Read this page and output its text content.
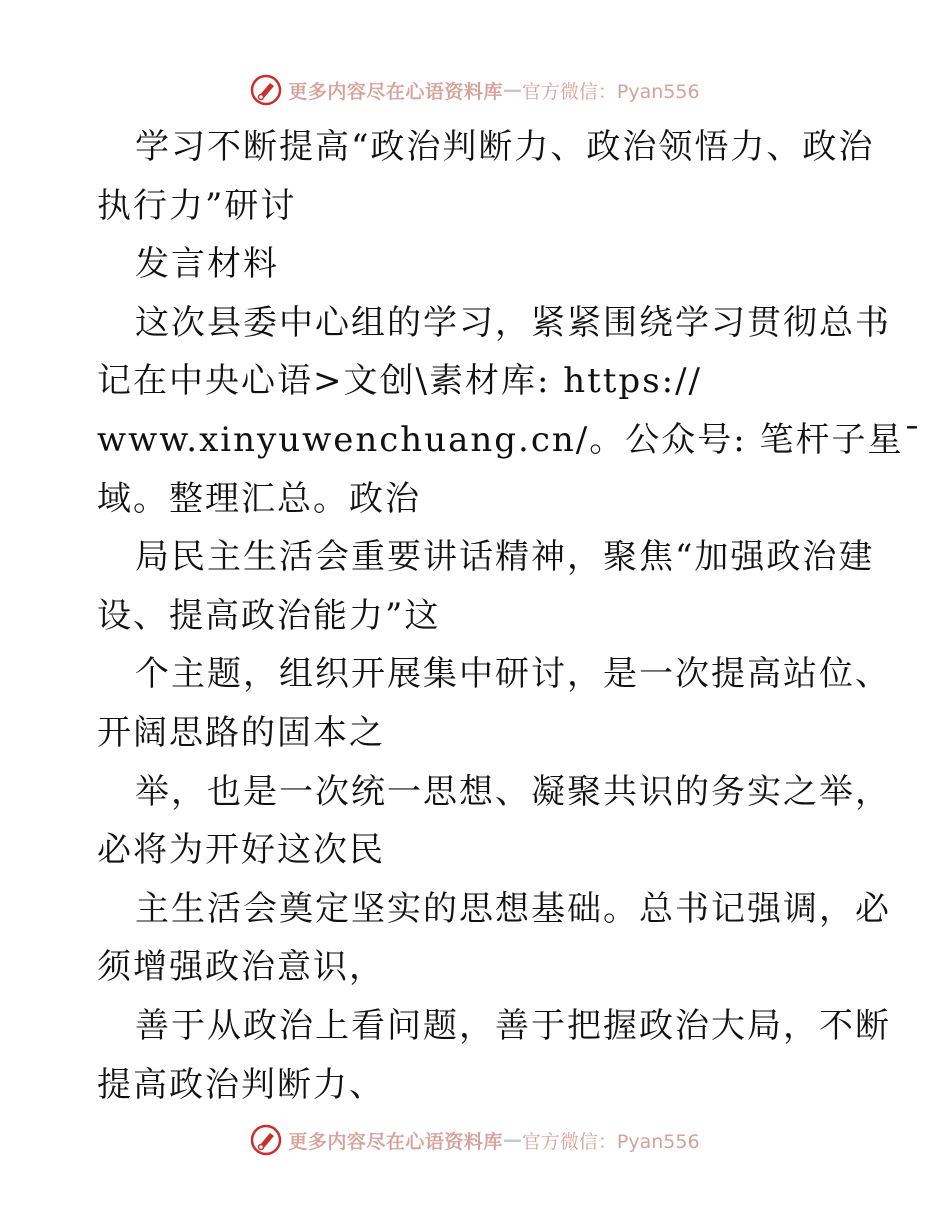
更多内容尽在心语资料库 — 官方微信：Pyan556
学习不断提高“政治判断力、政治领悟力、政治
执行力”研讨
发言材料
这次县委中心组的学习，紧紧围绕学习贯彻总书
记在中央心语>文创\素材库: https://
www.xinyuwenchuang.cn/。公众号: 笔杆子星¯
域。整理汇总。政治
局民主生活会重要讲话精神，聚焦“加强政治建
设、提高政治能力”这
个主题，组织开展集中研讨，是一次提高站位、
开阔思路的固本之
举，也是一次统一思想、凝聚共识的务实之举，
必将为开好这次民
主生活会奠定坚实的思想基础。总书记强调，必
须增强政治意识，
善于从政治上看问题，善于把握政治大局，不断
提高政治判断力、
更多内容尽在心语资料库 — 官方微信：Pyan556
